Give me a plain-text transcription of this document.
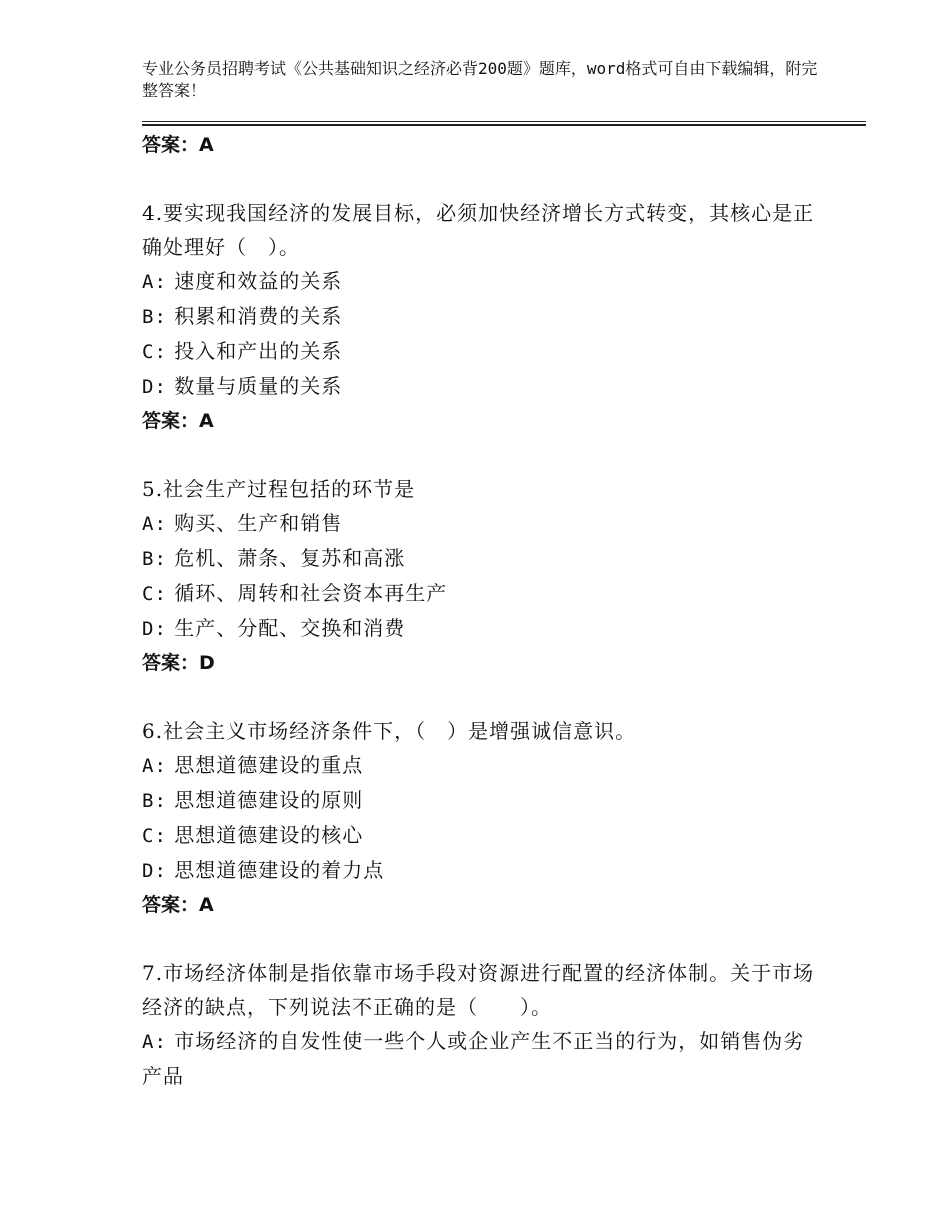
专业公务员招聘考试《公共基础知识之经济必背200题》题库，word格式可自由下载编辑，附完整答案！
答案：A
4.要实现我国经济的发展目标，必须加快经济增长方式转变，其核心是正确处理好（　）。
A: 速度和效益的关系
B: 积累和消费的关系
C: 投入和产出的关系
D: 数量与质量的关系
答案：A
5.社会生产过程包括的环节是
A: 购买、生产和销售
B: 危机、萧条、复苏和高涨
C: 循环、周转和社会资本再生产
D: 生产、分配、交换和消费
答案：D
6.社会主义市场经济条件下，（　）是增强诚信意识。
A: 思想道德建设的重点
B: 思想道德建设的原则
C: 思想道德建设的核心
D: 思想道德建设的着力点
答案：A
7.市场经济体制是指依靠市场手段对资源进行配置的经济体制。关于市场经济的缺点，下列说法不正确的是（　　）。
A: 市场经济的自发性使一些个人或企业产生不正当的行为，如销售伪劣产品
